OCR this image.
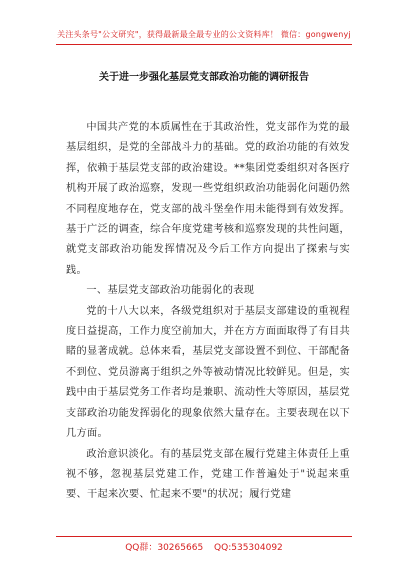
关注头条号"公文研究"，获得最新最全最专业的公文资料库！ 微信：gongwenyj
关于进一步强化基层党支部政治功能的调研报告

中国共产党的本质属性在于其政治性，党支部作为党的最基层组织，是党的全部战斗力的基础。党的政治功能的有效发挥，依赖于基层党支部的政治建设。**集团党委组织对各医疗机构开展了政治巡察，发现一些党组织政治功能弱化问题仍然不同程度地存在，党支部的战斗堡垒作用未能得到有效发挥。基于广泛的调查，综合年度党建考核和巡察发现的共性问题，就党支部政治功能发挥情况及今后工作方向提出了探索与实践。

一、基层党支部政治功能弱化的表现

党的十八大以来，各级党组织对于基层支部建设的重视程度日益提高，工作力度空前加大，并在方方面面取得了有目共睹的显著成就。总体来看，基层党支部设置不到位、干部配备不到位、党员游离于组织之外等被动情况比较鲜见。但是，实践中由于基层党务工作者均是兼职、流动性大等原因，基层党支部政治功能发挥弱化的现象依然大量存在。主要表现在以下几方面。

政治意识淡化。有的基层党支部在履行党建主体责任上重视不够，忽视基层党建工作，党建工作普遍处于"说起来重要、干起来次要、忙起来不要"的状况；履行党建

QQ群：30265665 QQ:535304092
